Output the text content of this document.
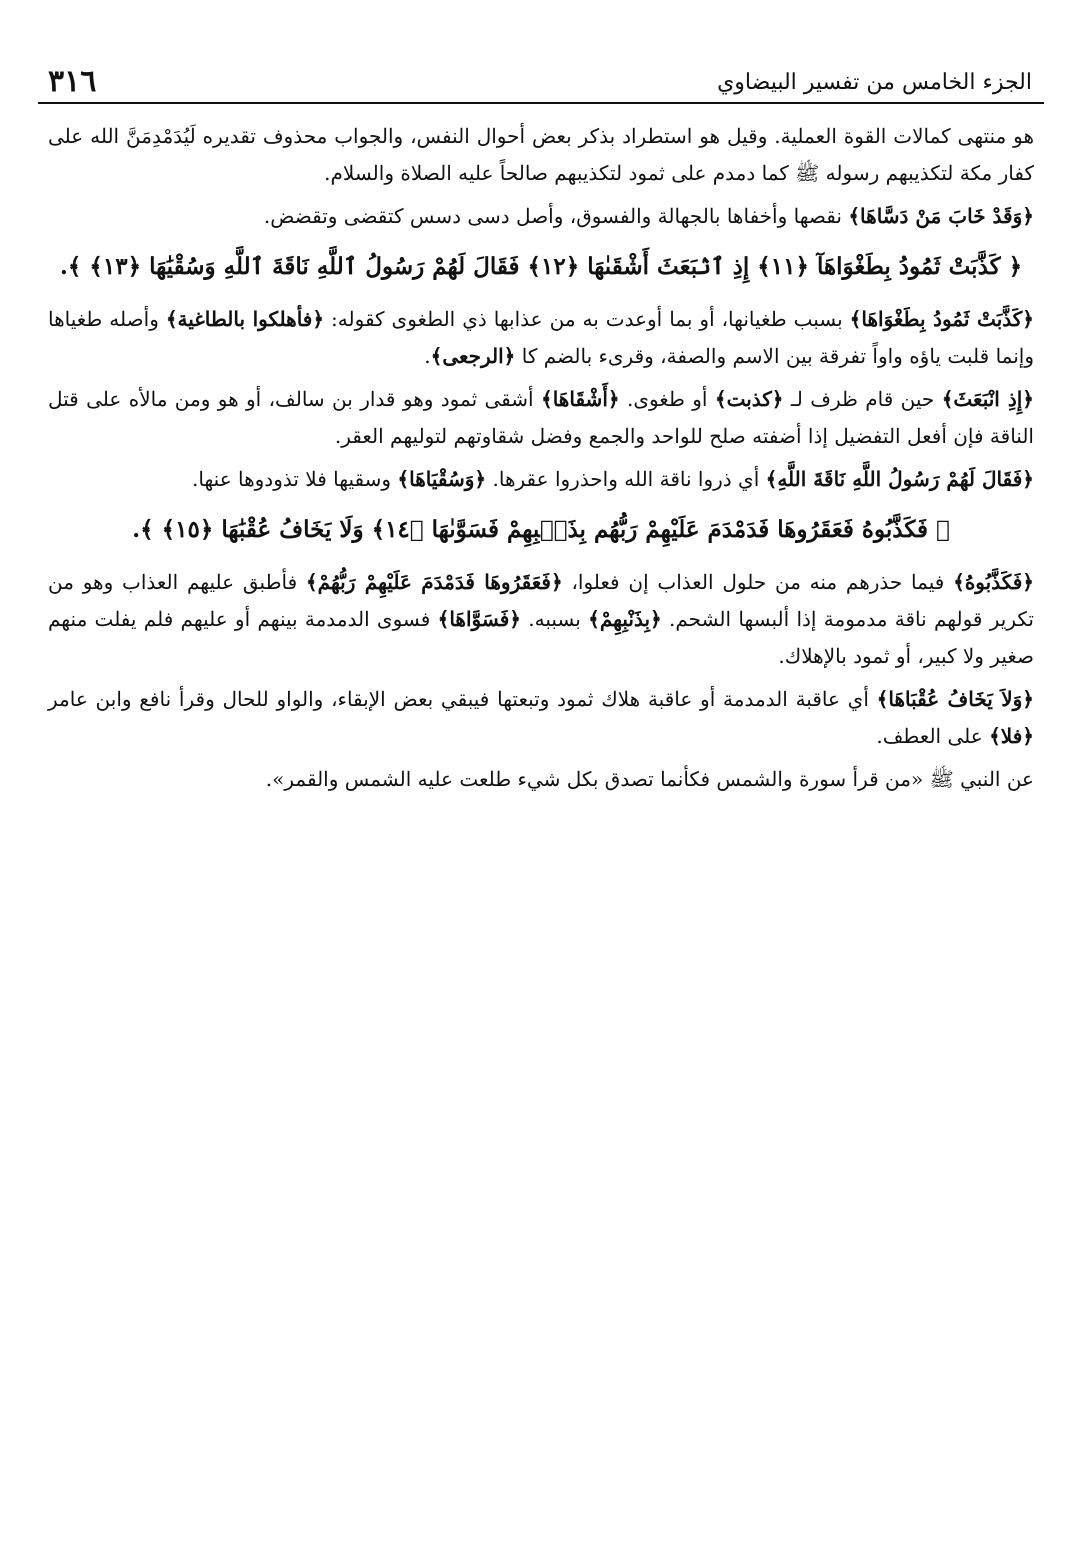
٣١٦	الجزء الخامس من تفسير البيضاوي

هو منتهى كمالات القوة العملية. وقيل هو استطراد بذكر بعض أحوال النفس، والجواب محذوف تقديره لَيُدَمْدِمَنَّ الله على كفار مكة لتكذيبهم رسوله ﷺ كما دمدم على ثمود لتكذيبهم صالحاً عليه الصلاة والسلام.

﴿وَقَدْ خَابَ مَنْ دَسَّاهَا﴾ نقصها وأخفاها بالجهالة والفسوق، وأصل دسى دسس كتقضى وتقضض.

﴿ كَذَّبَتْ ثَمُودُ بِطَغْوَاهَآ ﴿١١﴾ إِذِ ٱنۢبَعَثَ أَشْقَىٰهَا ﴿١٢﴾ فَقَالَ لَهُمْ رَسُولُ ٱللَّهِ نَاقَةَ ٱللَّهِ وَسُقْيَٰهَا ﴿١٣﴾ ﴾.

﴿كَذَّبَتْ ثَمُودُ بِطَغْوَاهَا﴾ بسبب طغيانها، أو بما أوعدت به من عذابها ذي الطغوى كقوله: ﴿فأهلكوا بالطاغية﴾ وأصله طغياها وإنما قلبت ياؤه واواً تفرقة بين الاسم والصفة، وقرىء بالضم كا ﴿الرجعى﴾.

﴿إِذِ انْبَعَثَ﴾ حين قام ظرف لـ ﴿كذبت﴾ أو طغوى. ﴿أَشْقَاهَا﴾ أشقى ثمود وهو قدار بن سالف، أو هو ومن مالأه على قتل الناقة فإن أفعل التفضيل إذا أضفته صلح للواحد والجمع وفضل شقاوتهم لتوليهم العقر.

﴿فَقَالَ لَهُمْ رَسُولُ اللَّهِ نَاقَةَ اللَّهِ﴾ أي ذروا ناقة الله واحذروا عقرها. ﴿وَسُقْيَاهَا﴾ وسقيها فلا تذودوها عنها.

﴿ فَكَذَّبُوهُ فَعَقَرُوهَا فَدَمْدَمَ عَلَيْهِمْ رَبُّهُم بِذَنۢبِهِمْ فَسَوَّىٰهَا ﴿١٤﴾ وَلَا يَخَافُ عُقْبَٰهَا ﴿١٥﴾ ﴾.

﴿فَكَذَّبُوهُ﴾ فيما حذرهم منه من حلول العذاب إن فعلوا، ﴿فَعَقَرُوهَا فَدَمْدَمَ عَلَيْهِمْ رَبُّهُمْ﴾ فأطبق عليهم العذاب وهو من تكرير قولهم ناقة مدمومة إذا ألبسها الشحم. ﴿بِذَنْبِهِمْ﴾ بسببه. ﴿فَسَوَّاهَا﴾ فسوى الدمدمة بينهم أو عليهم فلم يفلت منهم صغير ولا كبير، أو ثمود بالإهلاك.

﴿وَلاَ يَخَافُ عُقْبَاهَا﴾ أي عاقبة الدمدمة أو عاقبة هلاك ثمود وتبعتها فيبقي بعض الإبقاء، والواو للحال وقرأ نافع وابن عامر ﴿فلا﴾ على العطف.

عن النبي ﷺ «من قرأ سورة والشمس فكأنما تصدق بكل شيء طلعت عليه الشمس والقمر».
